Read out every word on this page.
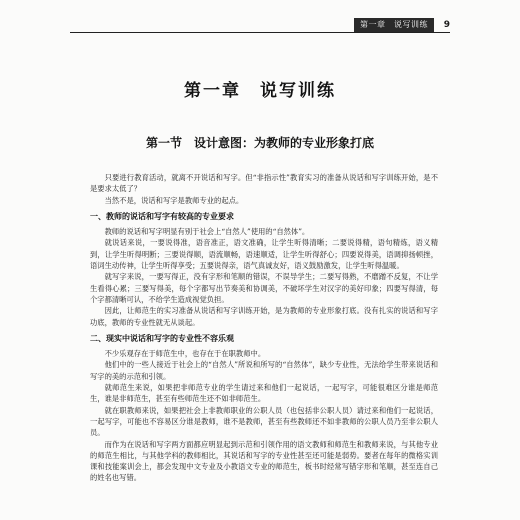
第一章　说写训练	9
第一章　说写训练
第一节　设计意图：为教师的专业形象打底

只要进行教育活动，就离不开说话和写字。但“非指示性”教育实习的准备从说话和写字训练开始，是不是要求太低了？

当然不是，说话和写字是教师专业的起点。

一、教师的说话和写字有较高的专业要求

教师的说话和写字明显有别于社会上“自然人”使用的“自然体”。

就说话来说，一要说得准，语音准正，语文准确，让学生听得清晰；二要说得精，语句精炼，语义精到，让学生听得明断；三要说得顺，语流顺畅，语速顺适，让学生听得舒心；四要说得美，语调抑扬顿挫，语词生动传神，让学生听得享受；五要说得亲，语气真诚友好，语义鼓励激发，让学生听得温暖。

就写字来说，一要写得正，没有字形和笔顺的错误，不误导学生；二要写得熟，不磨蹭不反复，不让学生看得心累；三要写得美，每个字都写出节奏美和协调美，不破坏学生对汉字的美好印象；四要写得清，每个字都清晰可认，不给学生造成视觉负担。

因此，让师范生的实习准备从说话和写字训练开始，是为教师的专业形象打底。没有扎实的说话和写字功底，教师的专业性就无从谈起。

二、现实中说话和写字的专业性不容乐观

不少乐观存在于师范生中，也存在于在职教师中。

他们中的一些人接近于社会上的“自然人”所说和所写的“自然体”，缺少专业性，无法给学生带来说话和写字的美的示范和引领。

就师范生来说，如果把非师范专业的学生请过来和他们一起说话，一起写字，可能很难区分谁是师范生，谁是非师范生，甚至有些师范生还不如非师范生。

就在职教师来说，如果把社会上非教师职业的公职人员（也包括非公职人员）请过来和他们一起说话，一起写字，可能也不容易区分谁是教师，谁不是教师，甚至有些教师还不如非教师的公职人员乃至非公职人员。

而作为在说话和写字两方面都应明显起到示范和引领作用的语文教师和师范生和教师来说，与其他专业的师范生相比，与其他学科的教师相比，其说话和写字的专业性甚至还可能是弱势。要者在每年的微格实训课和技能案训会上，都会发现中文专业及小教语文专业的师范生，板书时经常写错字形和笔顺，甚至连自己的姓名也写错。
